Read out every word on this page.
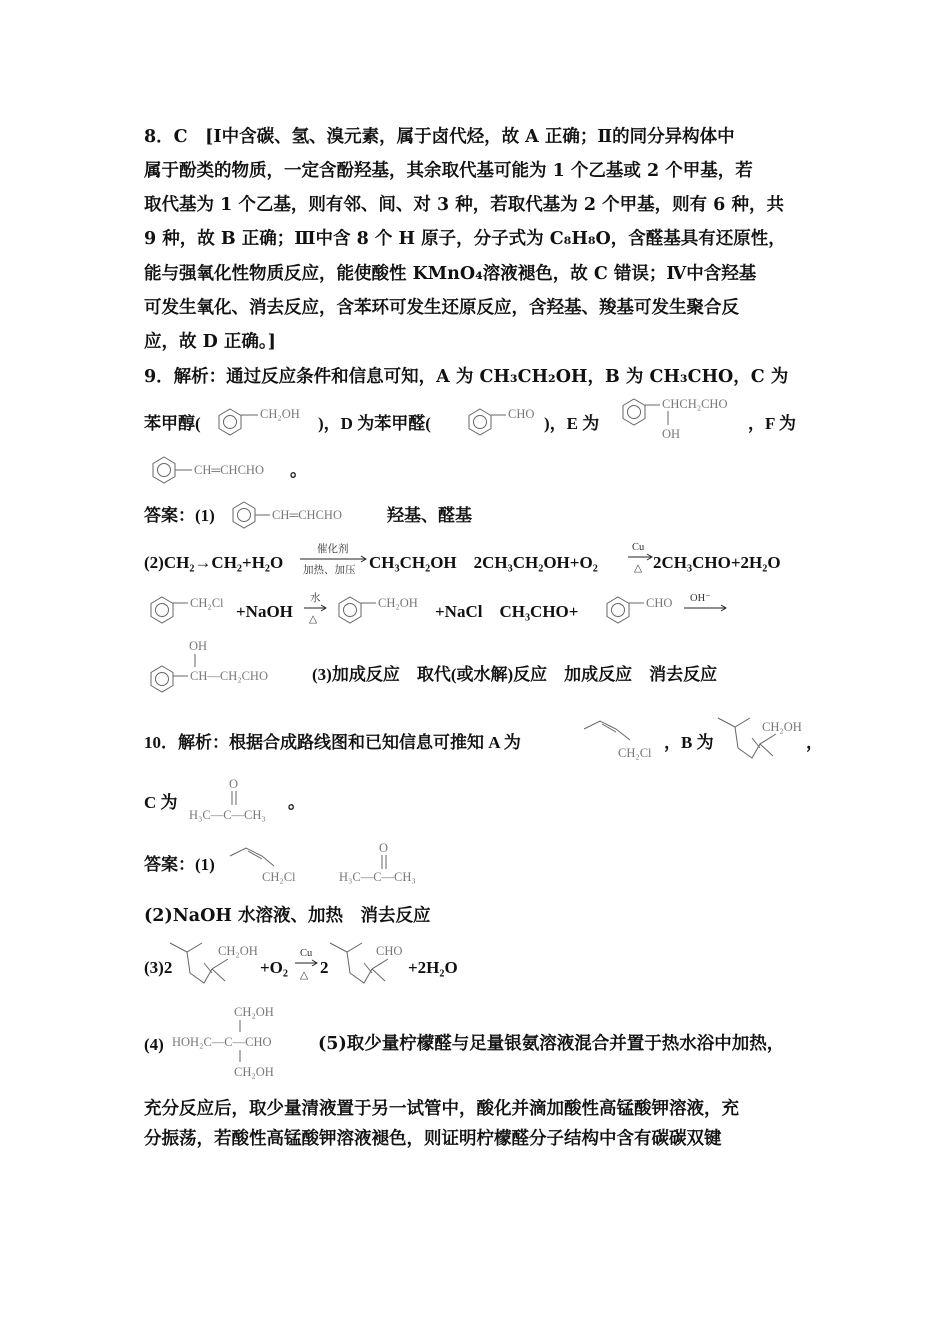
8．C　[Ⅰ中含碳、氢、溴元素，属于卤代烃，故 A 正确；Ⅱ的同分异构体中
属于酚类的物质，一定含酚羟基，其余取代基可能为 1 个乙基或 2 个甲基，若
取代基为 1 个乙基，则有邻、间、对 3 种，若取代基为 2 个甲基，则有 6 种，共
9 种，故 B 正确；Ⅲ中含 8 个 H 原子，分子式为 C₈H₈O，含醛基具有还原性，
能与强氧化性物质反应，能使酸性 KMnO₄溶液褪色，故 C 错误；Ⅳ中含羟基
可发生氧化、消去反应，含苯环可发生还原反应，含羟基、羧基可发生聚合反
应，故 D 正确。]
9．解析：通过反应条件和信息可知，A 为 CH₃CH₂OH，B 为 CH₃CHO，C 为
苯甲醇(	CH₂OH )，D 为苯甲醛(	CHO )，E 为
CHCH₂CHO
OH
，F 为
CH═CHCHO 。
答案：(1)	CH═CHCHO	羟基、醛基
(2)CH₂→CH₂+H₂O
催化剂
加热、加压 CH₃CH₂OH　2CH₃CH₂OH+O₂
Cu
△ 2CH₃CHO+2H₂O
CH₂Cl +NaOH
水
△
CH₂OH +NaCl　CH₃CHO+	CHO OH⁻
OH
CH—CH₂CHO	(3)加成反应　取代(或水解)反应　加成反应　消去反应
10．解析：根据合成路线图和已知信息可推知 A 为
CH₂Cl
，B 为
CH₂OH
，
C 为
O
H₃C—C—CH₃
。
答案：(1)
CH₂Cl
O
H₃C—C—CH₃
(2)NaOH 水溶液、加热　消去反应
(3)2
CH₂OH
+O₂
Cu
△ 2
CHO
+2H₂O
(4)
CH₂OH
HOH₂C—C—CHO
CH₂OH
(5)取少量柠檬醛与足量银氨溶液混合并置于热水浴中加热，
充分反应后，取少量清液置于另一试管中，酸化并滴加酸性高锰酸钾溶液，充
分振荡，若酸性高锰酸钾溶液褪色，则证明柠檬醛分子结构中含有碳碳双键
